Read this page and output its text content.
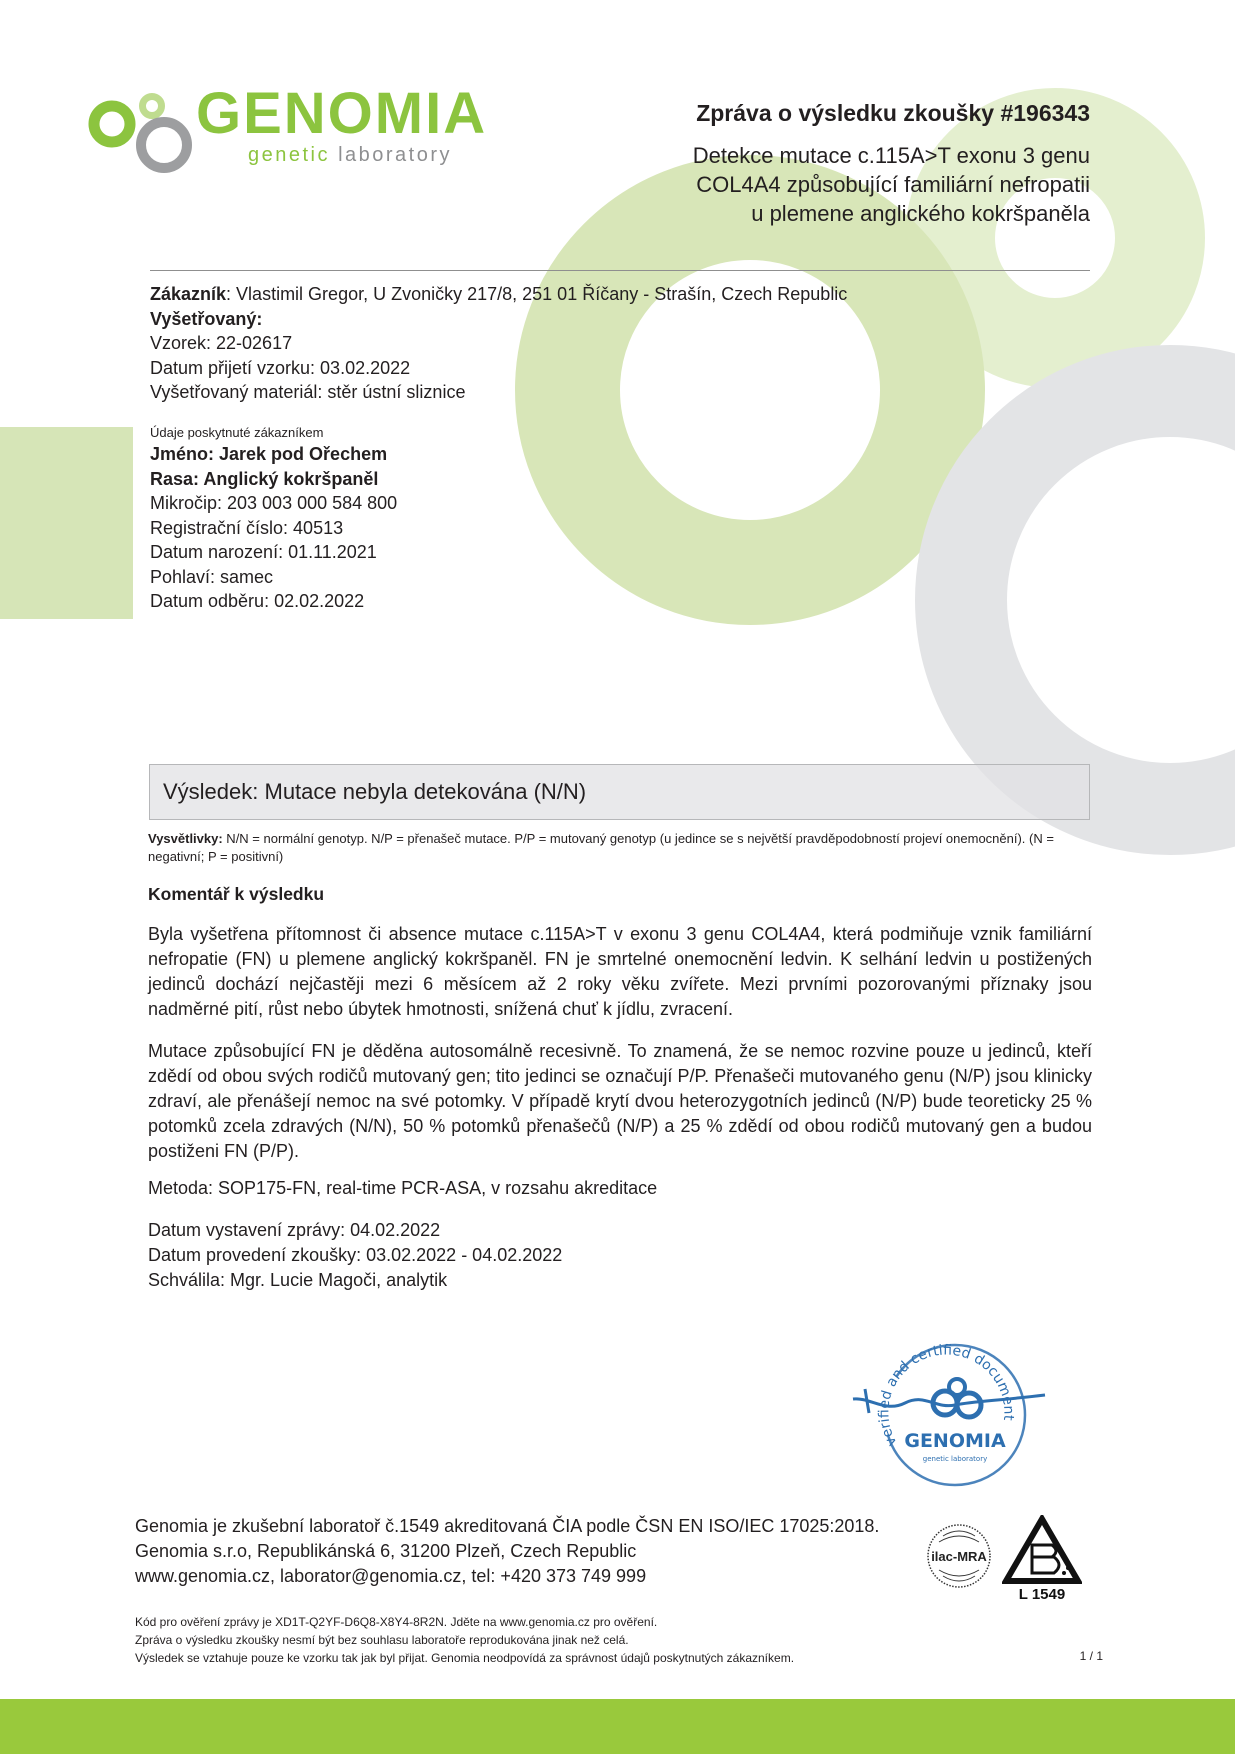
GENOMIA
genetic laboratory
Zpráva o výsledku zkoušky #196343
Detekce mutace c.115A>T exonu 3 genu
COL4A4 způsobující familiární nefropatii
u plemene anglického kokršpaněla
Zákazník: Vlastimil Gregor, U Zvoničky 217/8, 251 01 Říčany - Strašín, Czech Republic
Vyšetřovaný:
Vzorek: 22-02617
Datum přijetí vzorku: 03.02.2022
Vyšetřovaný materiál: stěr ústní sliznice
Údaje poskytnuté zákazníkem
Jméno: Jarek pod Ořechem
Rasa: Anglický kokršpaněl
Mikročip: 203 003 000 584 800
Registrační číslo: 40513
Datum narození: 01.11.2021
Pohlaví: samec
Datum odběru: 02.02.2022
Výsledek: Mutace nebyla detekována (N/N)
Vysvětlivky: N/N = normální genotyp. N/P = přenašeč mutace. P/P = mutovaný genotyp (u jedince se s největší pravděpodobností projeví onemocnění). (N = negativní; P = positivní)
Komentář k výsledku
Byla vyšetřena přítomnost či absence mutace c.115A>T v exonu 3 genu COL4A4, která podmiňuje vznik familiární nefropatie (FN) u plemene anglický kokršpaněl. FN je smrtelné onemocnění ledvin. K selhání ledvin u postižených jedinců dochází nejčastěji mezi 6 měsícem až 2 roky věku zvířete. Mezi prvními pozorovanými příznaky jsou nadměrné pití, růst nebo úbytek hmotnosti, snížená chuť k jídlu, zvracení.
Mutace způsobující FN je děděna autosomálně recesivně. To znamená, že se nemoc rozvine pouze u jedinců, kteří zdědí od obou svých rodičů mutovaný gen; tito jedinci se označují P/P. Přenašeči mutovaného genu (N/P) jsou klinicky zdraví, ale přenášejí nemoc na své potomky. V případě krytí dvou heterozygotních jedinců (N/P) bude teoreticky 25 % potomků zcela zdravých (N/N), 50 % potomků přenašečů (N/P) a 25 % zdědí od obou rodičů mutovaný gen a budou postiženi FN (P/P).
Metoda: SOP175-FN, real-time PCR-ASA, v rozsahu akreditace
Datum vystavení zprávy: 04.02.2022
Datum provedení zkoušky: 03.02.2022 - 04.02.2022
Schválila: Mgr. Lucie Magoči, analytik
verified and certified document
GENOMIA
genetic laboratory
Genomia je zkušební laboratoř č.1549 akreditovaná ČIA podle ČSN EN ISO/IEC 17025:2018.
Genomia s.r.o, Republikánská 6, 31200 Plzeň, Czech Republic
www.genomia.cz, laborator@genomia.cz, tel: +420 373 749 999
ilac-MRA
L 1549
Kód pro ověření zprávy je XD1T-Q2YF-D6Q8-X8Y4-8R2N. Jděte na www.genomia.cz pro ověření.
Zpráva o výsledku zkoušky nesmí být bez souhlasu laboratoře reprodukována jinak než celá.
Výsledek se vztahuje pouze ke vzorku tak jak byl přijat. Genomia neodpovídá za správnost údajů poskytnutých zákazníkem.	1 / 1
